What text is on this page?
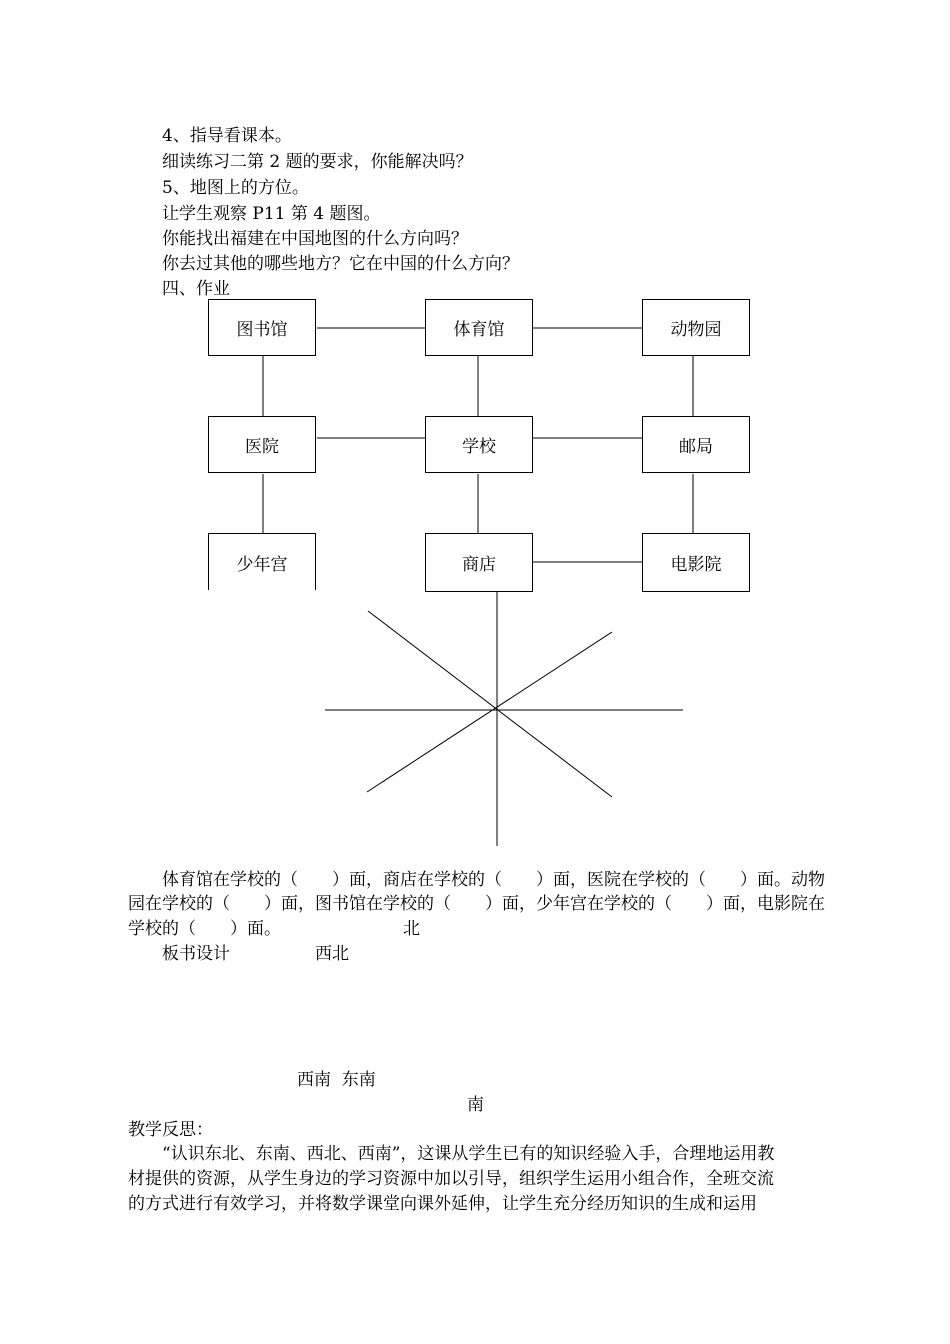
4、指导看课本。
细读练习二第 2 题的要求，你能解决吗？
5、地图上的方位。
让学生观察 P11 第 4 题图。
你能找出福建在中国地图的什么方向吗？
你去过其他的哪些地方？它在中国的什么方向？
四、作业
图书馆	体育馆	动物园
医院	学校	邮局
少年宫	商店	电影院
体育馆在学校的（　　）面，商店在学校的（　　）面，医院在学校的（　　）面。动物
园在学校的（　　）面，图书馆在学校的（　　）面，少年宫在学校的（　　）面，电影院在
学校的（　　）面。	北
板书设计	西北
西南  东南
南
教学反思：
“认识东北、东南、西北、西南”，这课从学生已有的知识经验入手，合理地运用教
材提供的资源，从学生身边的学习资源中加以引导，组织学生运用小组合作，全班交流
的方式进行有效学习，并将数学课堂向课外延伸，让学生充分经历知识的生成和运用
